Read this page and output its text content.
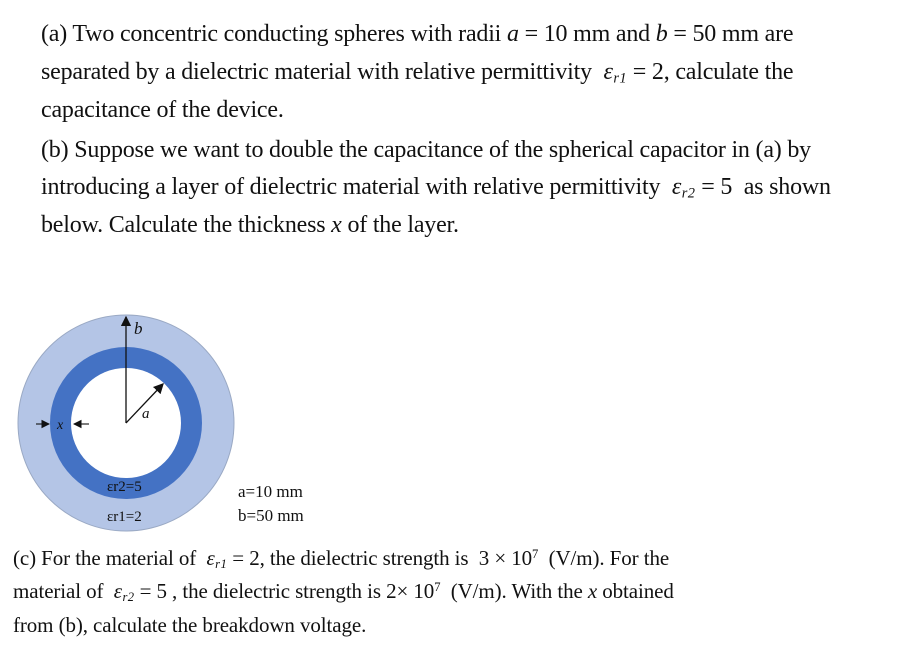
(a) Two concentric conducting spheres with radii a = 10 mm and b = 50 mm are
separated by a dielectric material with relative permittivity $\varepsilon_{r1} = 2$, calculate the
capacitance of the device.
(b) Suppose we want to double the capacitance of the spherical capacitor in (a) by
introducing a layer of dielectric material with relative permittivity $\varepsilon_{r2} = 5$ as shown
below. Calculate the thickness x of the layer.
b
a
x
εr2=5
εr1=2
a=10 mm
b=50 mm
(c) For the material of $\varepsilon_{r1} = 2$, the dielectric strength is $3 \times 10^7$ (V/m). For the
material of $\varepsilon_{r2} = 5$ , the dielectric strength is $2\times 10^7$ (V/m). With the x obtained
from (b), calculate the breakdown voltage.
